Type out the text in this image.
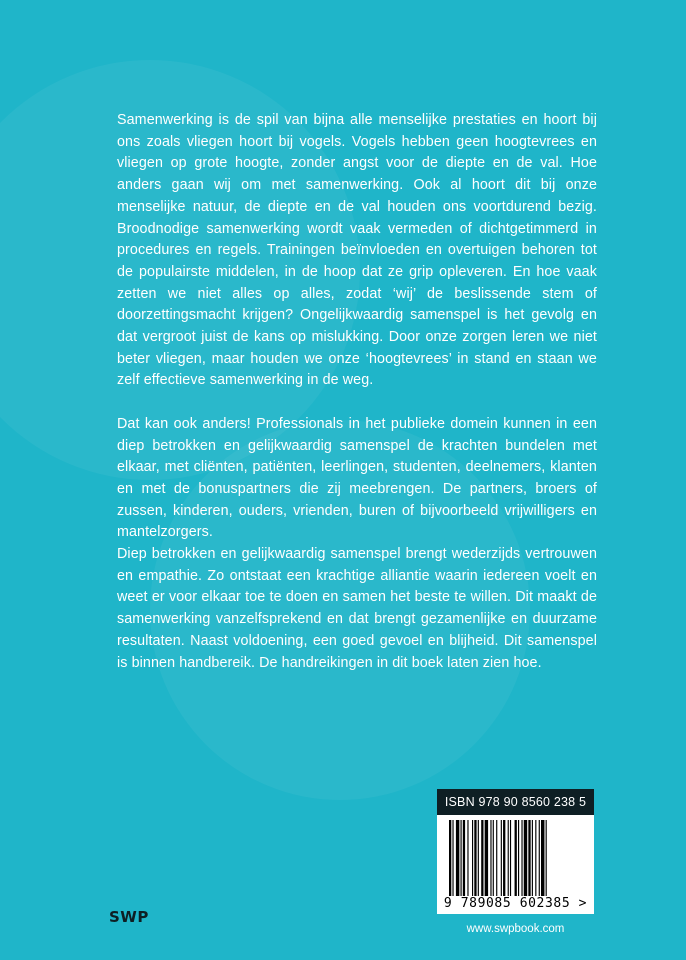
Samenwerking is de spil van bijna alle menselijke prestaties en hoort bij ons zoals vliegen hoort bij vogels. Vogels hebben geen hoogtevrees en vliegen op grote hoogte, zonder angst voor de diepte en de val. Hoe anders gaan wij om met samenwerking. Ook al hoort dit bij onze menselijke natuur, de diepte en de val houden ons voortdurend bezig. Broodnodige samenwerking wordt vaak vermeden of dichtgetimmerd in procedures en regels. Trainingen beïnvloeden en overtuigen behoren tot de populairste middelen, in de hoop dat ze grip opleveren. En hoe vaak zetten we niet alles op alles, zodat ‘wij’ de beslissende stem of doorzettingsmacht krijgen? Ongelijkwaardig samenspel is het gevolg en dat vergroot juist de kans op mislukking. Door onze zorgen leren we niet beter vliegen, maar houden we onze ‘hoogtevrees’ in stand en staan we zelf effectieve samenwerking in de weg.

Dat kan ook anders! Professionals in het publieke domein kunnen in een diep betrokken en gelijkwaardig samenspel de krachten bundelen met elkaar, met cliënten, patiënten, leerlingen, studenten, deelnemers, klanten en met de bonuspartners die zij meebrengen. De partners, broers of zussen, kinderen, ouders, vrienden, buren of bijvoorbeeld vrijwilligers en mantelzorgers.

Diep betrokken en gelijkwaardig samenspel brengt wederzijds vertrouwen en empathie. Zo ontstaat een krachtige alliantie waarin iedereen voelt en weet er voor elkaar toe te doen en samen het beste te willen. Dit maakt de samenwerking vanzelfsprekend en dat brengt gezamenlijke en duurzame resultaten. Naast voldoening, een goed gevoel en blijheid. Dit samenspel is binnen handbereik. De handreikingen in dit boek laten zien hoe.

ISBN 978 90 8560 238 5
9 789085 602385 >
www.swpbook.com
SWP
